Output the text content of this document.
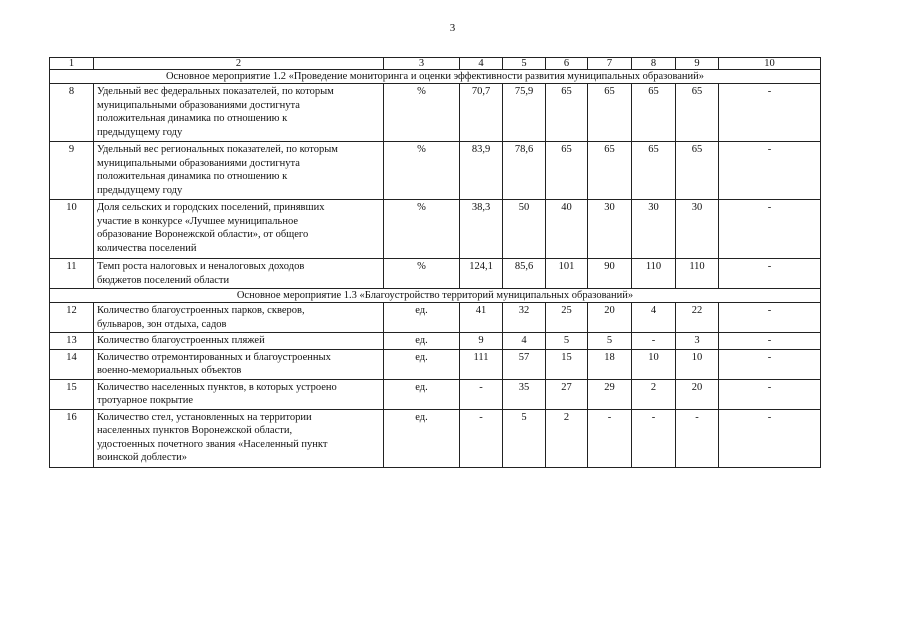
3
1	2	3	4	5	6	7	8	9	10
Основное мероприятие 1.2 «Проведение мониторинга и оценки эффективности развития муниципальных образований»									
8	Удельный вес федеральных показателей, по которым
муниципальными образованиями достигнута
положительная динамика по отношению к
предыдущему году	%	70,7	75,9	65	65	65	65	-
9	Удельный вес региональных показателей, по которым
муниципальными образованиями достигнута
положительная динамика по отношению к
предыдущему году	%	83,9	78,6	65	65	65	65	-
10	Доля сельских и городских поселений, принявших
участие в конкурсе «Лучшее муниципальное
образование Воронежской области», от общего
количества поселений	%	38,3	50	40	30	30	30	-
11	Темп роста налоговых и неналоговых доходов
бюджетов поселений области	%	124,1	85,6	101	90	110	110	-
Основное мероприятие 1.3 «Благоустройство территорий муниципальных образований»									
12	Количество благоустроенных парков, скверов,
бульваров, зон отдыха, садов	ед.	41	32	25	20	4	22	-
13	Количество благоустроенных пляжей	ед.	9	4	5	5	-	3	-
14	Количество отремонтированных и благоустроенных
военно-мемориальных объектов	ед.	111	57	15	18	10	10	-
15	Количество населенных пунктов, в которых устроено
тротуарное покрытие	ед.	-	35	27	29	2	20	-
16	Количество стел, установленных на территории
населенных пунктов Воронежской области,
удостоенных почетного звания «Населенный пункт
воинской доблести»	ед.	-	5	2	-	-	-	-
